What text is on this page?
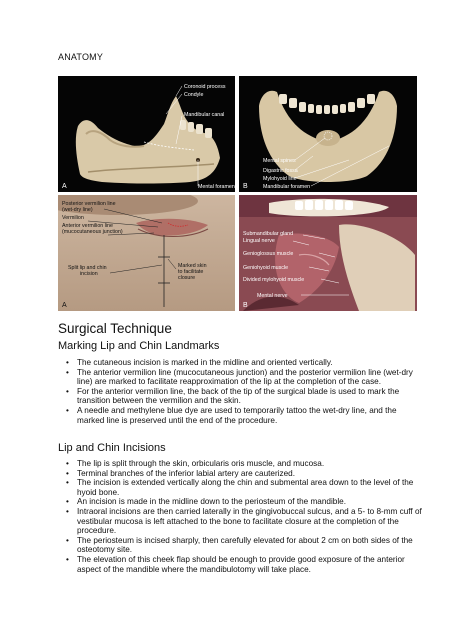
ANATOMY
Coronoid process
Condyle
Mandibular canal
Mental foramen
A
Mental spines
Digastric fossa
Mylohyoid line
Mandibular foramen
B
Posterior vermilion line
(wet-dry line)
Vermilion
Anterior vermilion line
(mucocutaneous junction)
Split lip and chin
incision
Marked skin
to facilitate
closure
A
Submandibular gland
Lingual nerve
Genioglossus muscle
Geniohyoid muscle
Divided mylohyoid muscle
Mental nerve
B
Surgical Technique
Marking Lip and Chin Landmarks
• The cutaneous incision is marked in the midline and oriented vertically.
• The anterior vermilion line (mucocutaneous junction) and the posterior vermilion line (wet-dry line) are marked to facilitate reapproximation of the lip at the completion of the case.
• For the anterior vermilion line, the back of the tip of the surgical blade is used to mark the transition between the vermilion and the skin.
• A needle and methylene blue dye are used to temporarily tattoo the wet-dry line, and the marked line is preserved until the end of the procedure.
Lip and Chin Incisions
• The lip is split through the skin, orbicularis oris muscle, and mucosa.
• Terminal branches of the inferior labial artery are cauterized.
• The incision is extended vertically along the chin and submental area down to the level of the hyoid bone.
• An incision is made in the midline down to the periosteum of the mandible.
• Intraoral incisions are then carried laterally in the gingivobuccal sulcus, and a 5- to 8-mm cuff of vestibular mucosa is left attached to the bone to facilitate closure at the completion of the procedure.
• The periosteum is incised sharply, then carefully elevated for about 2 cm on both sides of the osteotomy site.
• The elevation of this cheek flap should be enough to provide good exposure of the anterior aspect of the mandible where the mandibulotomy will take place.
